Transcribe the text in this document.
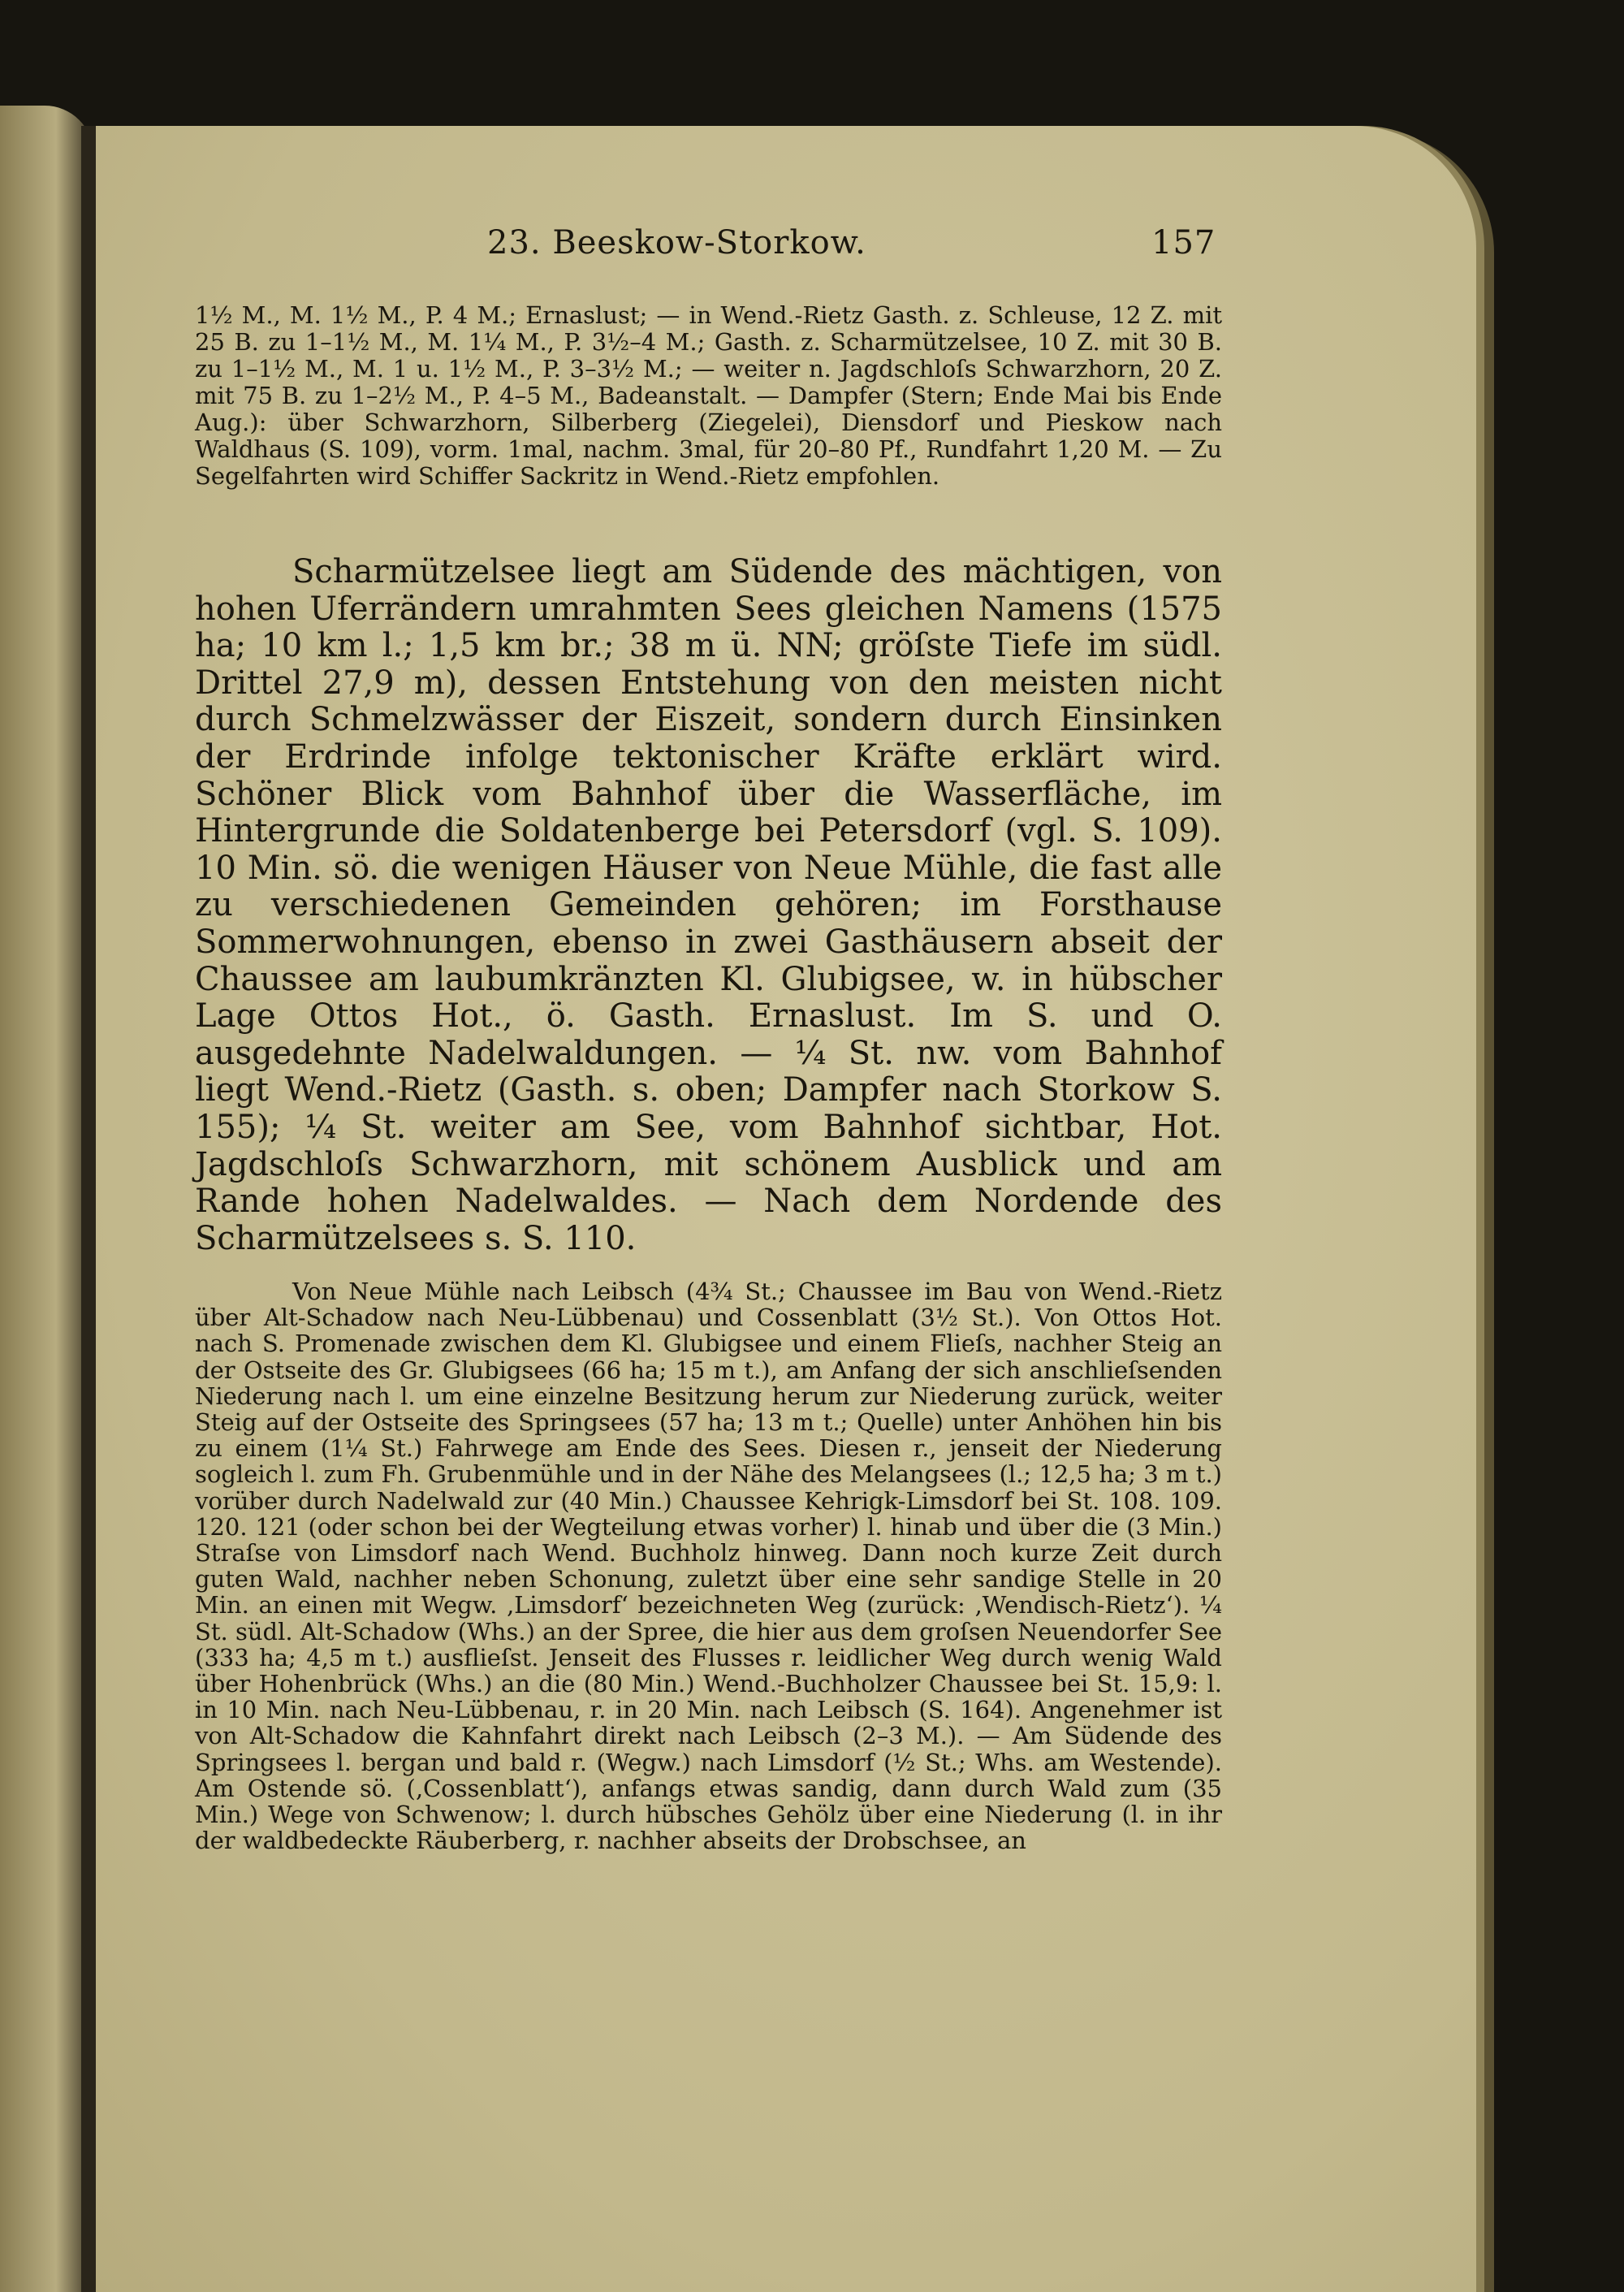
23. Beeskow-Storkow.	157

1½ M., M. 1½ M., P. 4 M.; Ernaslust; — in Wend.-Rietz Gasth. z. Schleuse, 12 Z. mit 25 B. zu 1–1½ M., M. 1¼ M., P. 3½–4 M.; Gasth. z. Scharmützelsee, 10 Z. mit 30 B. zu 1–1½ M., M. 1 u. 1½ M., P. 3–3½ M.; — weiter n. Jagdschloſs Schwarzhorn, 20 Z. mit 75 B. zu 1–2½ M., P. 4–5 M., Badeanstalt. — Dampfer (Stern; Ende Mai bis Ende Aug.): über Schwarzhorn, Silberberg (Ziegelei), Diensdorf und Pieskow nach Waldhaus (S. 109), vorm. 1mal, nachm. 3mal, für 20–80 Pf., Rundfahrt 1,20 M. — Zu Segelfahrten wird Schiffer Sackritz in Wend.-Rietz empfohlen.

Scharmützelsee liegt am Südende des mächtigen, von hohen Uferrändern umrahmten Sees gleichen Namens (1575 ha; 10 km l.; 1,5 km br.; 38 m ü. NN; gröſste Tiefe im südl. Drittel 27,9 m), dessen Entstehung von den meisten nicht durch Schmelzwässer der Eiszeit, sondern durch Einsinken der Erdrinde infolge tektonischer Kräfte erklärt wird. Schöner Blick vom Bahnhof über die Wasserfläche, im Hintergrunde die Soldatenberge bei Petersdorf (vgl. S. 109). 10 Min. sö. die wenigen Häuser von Neue Mühle, die fast alle zu verschiedenen Gemeinden gehören; im Forsthause Sommerwohnungen, ebenso in zwei Gasthäusern abseit der Chaussee am laubumkränzten Kl. Glubigsee, w. in hübscher Lage Ottos Hot., ö. Gasth. Ernaslust. Im S. und O. ausgedehnte Nadelwaldungen. — ¼ St. nw. vom Bahnhof liegt Wend.-Rietz (Gasth. s. oben; Dampfer nach Storkow S. 155); ¼ St. weiter am See, vom Bahnhof sichtbar, Hot. Jagdschloſs Schwarzhorn, mit schönem Ausblick und am Rande hohen Nadelwaldes. — Nach dem Nordende des Scharmützelsees s. S. 110.

Von Neue Mühle nach Leibsch (4¾ St.; Chaussee im Bau von Wend.-Rietz über Alt-Schadow nach Neu-Lübbenau) und Cossenblatt (3½ St.). Von Ottos Hot. nach S. Promenade zwischen dem Kl. Glubigsee und einem Flieſs, nachher Steig an der Ostseite des Gr. Glubigsees (66 ha; 15 m t.), am Anfang der sich anschlieſsenden Niederung nach l. um eine einzelne Besitzung herum zur Niederung zurück, weiter Steig auf der Ostseite des Springsees (57 ha; 13 m t.; Quelle) unter Anhöhen hin bis zu einem (1¼ St.) Fahrwege am Ende des Sees. Diesen r., jenseit der Niederung sogleich l. zum Fh. Grubenmühle und in der Nähe des Melangsees (l.; 12,5 ha; 3 m t.) vorüber durch Nadelwald zur (40 Min.) Chaussee Kehrigk-Limsdorf bei St. 108. 109. 120. 121 (oder schon bei der Wegteilung etwas vorher) l. hinab und über die (3 Min.) Straſse von Limsdorf nach Wend. Buchholz hinweg. Dann noch kurze Zeit durch guten Wald, nachher neben Schonung, zuletzt über eine sehr sandige Stelle in 20 Min. an einen mit Wegw. ‚Limsdorf‘ bezeichneten Weg (zurück: ‚Wendisch-Rietz‘). ¼ St. südl. Alt-Schadow (Whs.) an der Spree, die hier aus dem groſsen Neuendorfer See (333 ha; 4,5 m t.) ausflieſst. Jenseit des Flusses r. leidlicher Weg durch wenig Wald über Hohenbrück (Whs.) an die (80 Min.) Wend.-Buchholzer Chaussee bei St. 15,9: l. in 10 Min. nach Neu-Lübbenau, r. in 20 Min. nach Leibsch (S. 164). Angenehmer ist von Alt-Schadow die Kahnfahrt direkt nach Leibsch (2–3 M.). — Am Südende des Springsees l. bergan und bald r. (Wegw.) nach Limsdorf (½ St.; Whs. am Westende). Am Ostende sö. (‚Cossenblatt‘), anfangs etwas sandig, dann durch Wald zum (35 Min.) Wege von Schwenow; l. durch hübsches Gehölz über eine Niederung (l. in ihr der waldbedeckte Räuberberg, r. nachher abseits der Drobschsee, an
